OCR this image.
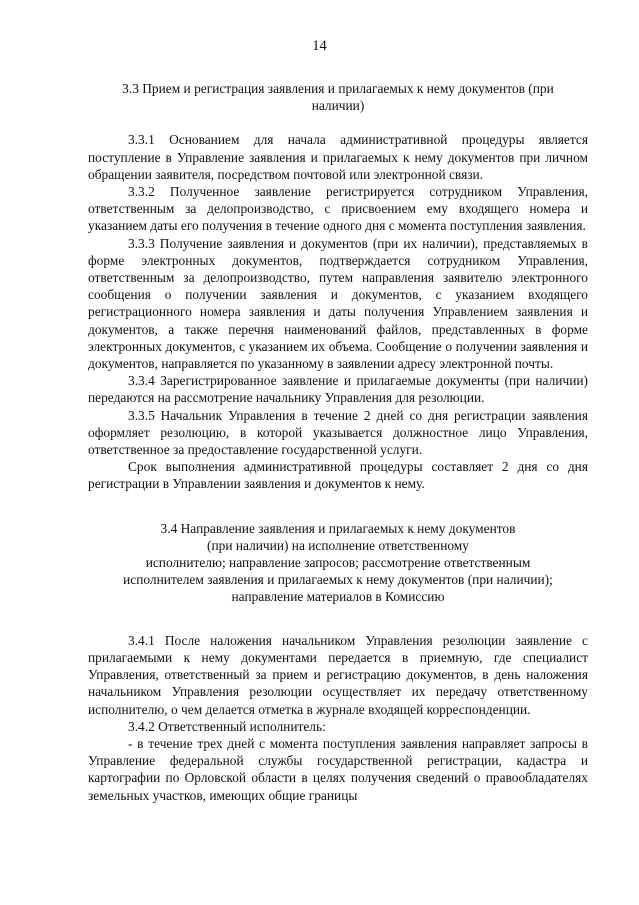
14
3.3 Прием и регистрация заявления и прилагаемых к нему документов (при
наличии)

3.3.1 Основанием для начала административной процедуры является поступление в Управление заявления и прилагаемых к нему документов при личном обращении заявителя, посредством почтовой или электронной связи.

3.3.2 Полученное заявление регистрируется сотрудником Управления, ответственным за делопроизводство, с присвоением ему входящего номера и указанием даты его получения в течение одного дня с момента поступления заявления.

3.3.3 Получение заявления и документов (при их наличии), представляемых в форме электронных документов, подтверждается сотрудником Управления, ответственным за делопроизводство, путем направления заявителю электронного сообщения о получении заявления и документов, с указанием входящего регистрационного номера заявления и даты получения Управлением заявления и документов, а также перечня наименований файлов, представленных в форме электронных документов, с указанием их объема. Сообщение о получении заявления и документов, направляется по указанному в заявлении адресу электронной почты.

3.3.4 Зарегистрированное заявление и прилагаемые документы (при наличии) передаются на рассмотрение начальнику Управления для резолюции.

3.3.5 Начальник Управления в течение 2 дней со дня регистрации заявления оформляет резолюцию, в которой указывается должностное лицо Управления, ответственное за предоставление государственной услуги.

Срок выполнения административной процедуры составляет 2 дня со дня регистрации в Управлении заявления и документов к нему.

3.4 Направление заявления и прилагаемых к нему документов
(при наличии) на исполнение ответственному
исполнителю; направление запросов; рассмотрение ответственным
исполнителем заявления и прилагаемых к нему документов (при наличии);
направление материалов в Комиссию

3.4.1 После наложения начальником Управления резолюции заявление с прилагаемыми к нему документами передается в приемную, где специалист Управления, ответственный за прием и регистрацию документов, в день наложения начальником Управления резолюции осуществляет их передачу ответственному исполнителю, о чем делается отметка в журнале входящей корреспонденции.

3.4.2 Ответственный исполнитель:

- в течение трех дней с момента поступления заявления направляет запросы в Управление федеральной службы государственной регистрации, кадастра и картографии по Орловской области в целях получения сведений о правообладателях земельных участков, имеющих общие границы
